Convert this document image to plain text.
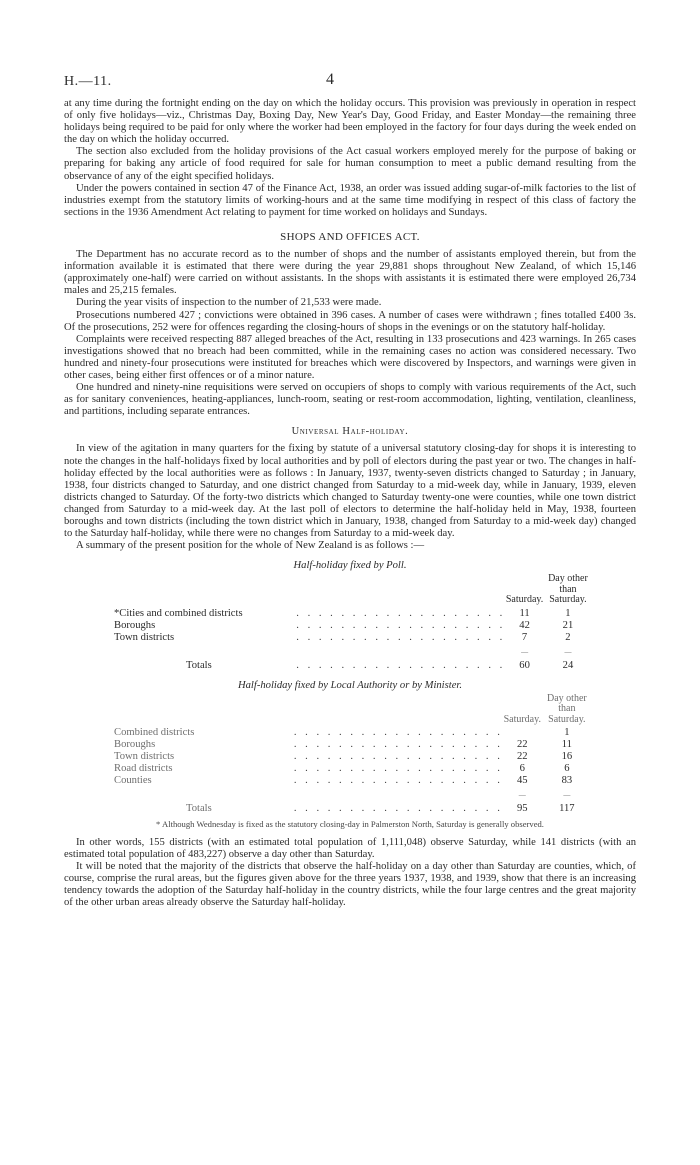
H.—11.	4

at any time during the fortnight ending on the day on which the holiday occurs. This provision was previously in operation in respect of only five holidays—viz., Christmas Day, Boxing Day, New Year's Day, Good Friday, and Easter Monday—the remaining three holidays being required to be paid for only where the worker had been employed in the factory for four days during the week ended on the day on which the holiday occurred.

The section also excluded from the holiday provisions of the Act casual workers employed merely for the purpose of baking or preparing for baking any article of food required for sale for human consumption to meet a public demand resulting from the observance of any of the eight specified holidays.

Under the powers contained in section 47 of the Finance Act, 1938, an order was issued adding sugar-of-milk factories to the list of industries exempt from the statutory limits of working-hours and at the same time modifying in respect of this class of factory the sections in the 1936 Amendment Act relating to payment for time worked on holidays and Sundays.

SHOPS AND OFFICES ACT.

The Department has no accurate record as to the number of shops and the number of assistants employed therein, but from the information available it is estimated that there were during the year 29,881 shops throughout New Zealand, of which 15,146 (approximately one-half) were carried on without assistants. In the shops with assistants it is estimated there were employed 26,734 males and 25,215 females.

During the year visits of inspection to the number of 21,533 were made.

Prosecutions numbered 427 ; convictions were obtained in 396 cases. A number of cases were withdrawn ; fines totalled £400 3s. Of the prosecutions, 252 were for offences regarding the closing-hours of shops in the evenings or on the statutory half-holiday.

Complaints were received respecting 887 alleged breaches of the Act, resulting in 133 prosecutions and 423 warnings. In 265 cases investigations showed that no breach had been committed, while in the remaining cases no action was considered necessary. Two hundred and ninety-four prosecutions were instituted for breaches which were discovered by Inspectors, and warnings were given in other cases, being either first offences or of a minor nature.

One hundred and ninety-nine requisitions were served on occupiers of shops to comply with various requirements of the Act, such as for sanitary conveniences, heating-appliances, lunch-room, seating or rest-room accommodation, lighting, ventilation, cleanliness, and partitions, including separate entrances.

Universal Half-holiday.

In view of the agitation in many quarters for the fixing by statute of a universal statutory closing-day for shops it is interesting to note the changes in the half-holidays fixed by local authorities and by poll of electors during the past year or two. The changes in half-holiday effected by the local authorities were as follows : In January, 1937, twenty-seven districts changed to Saturday ; in January, 1938, four districts changed to Saturday, and one district changed from Saturday to a mid-week day, while in January, 1939, eleven districts changed to Saturday. Of the forty-two districts which changed to Saturday twenty-one were counties, while one town district changed from Saturday to a mid-week day. At the last poll of electors to determine the half-holiday held in May, 1938, fourteen boroughs and town districts (including the town district which in January, 1938, changed from Saturday to a mid-week day) changed to the Saturday half-holiday, while there were no changes from Saturday to a mid-week day.

A summary of the present position for the whole of New Zealand is as follows :—

Half-holiday fixed by Poll.
		Saturday.	Day other than Saturday.
*Cities and combined districts	. . . . . . . . . . . . . . . . . . .	11	1
Boroughs	. . . . . . . . . . . . . . . . . . .	42	21
Town districts	. . . . . . . . . . . . . . . . . . .	7	2
		—	—
Totals	. . . . . . . . . . . . . . . . . . .	60	24
Half-holiday fixed by Local Authority or by Minister.
		Saturday.	Day other than Saturday.
Combined districts	. . . . . . . . . . . . . . . . . . .		1
Boroughs	. . . . . . . . . . . . . . . . . . .	22	11
Town districts	. . . . . . . . . . . . . . . . . . .	22	16
Road districts	. . . . . . . . . . . . . . . . . . .	6	6
Counties	. . . . . . . . . . . . . . . . . . .	45	83
		—	—
Totals	. . . . . . . . . . . . . . . . . . .	95	117
* Although Wednesday is fixed as the statutory closing-day in Palmerston North, Saturday is generally observed.

In other words, 155 districts (with an estimated total population of 1,111,048) observe Saturday, while 141 districts (with an estimated total population of 483,227) observe a day other than Saturday.

It will be noted that the majority of the districts that observe the half-holiday on a day other than Saturday are counties, which, of course, comprise the rural areas, but the figures given above for the three years 1937, 1938, and 1939, show that there is an increasing tendency towards the adoption of the Saturday half-holiday in the country districts, while the four large centres and the great majority of the other urban areas already observe the Saturday half-holiday.
